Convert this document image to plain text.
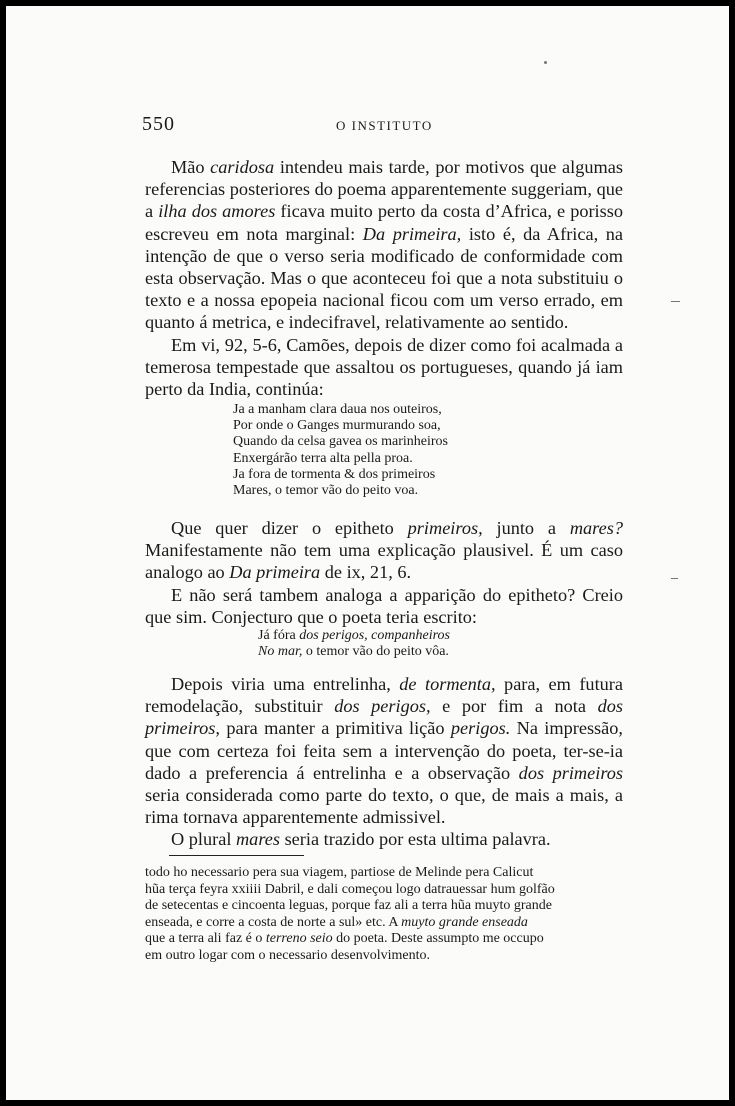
550	O INSTITUTO

Mão caridosa intendeu mais tarde, por motivos que algumas referencias posteriores do poema apparentemente suggeriam, que a ilha dos amores ficava muito perto da costa d’Africa, e porisso escreveu em nota marginal: Da primeira, isto é, da Africa, na intenção de que o verso seria modificado de conformidade com esta observação. Mas o que aconteceu foi que a nota substituiu o texto e a nossa epopeia nacional ficou com um verso errado, em quanto á metrica, e indecifravel, relativamente ao sentido.

Em vi, 92, 5-6, Camões, depois de dizer como foi acalmada a temerosa tempestade que assaltou os portugueses, quando já iam perto da India, continúa:

Ja a manham clara daua nos outeiros,
Por onde o Ganges murmurando soa,
Quando da celsa gavea os marinheiros
Enxergárão terra alta pella proa.
Ja fora de tormenta & dos primeiros
Mares, o temor vão do peito voa.

Que quer dizer o epitheto primeiros, junto a mares? Manifestamente não tem uma explicação plausivel. É um caso analogo ao Da primeira de ix, 21, 6.

E não será tambem analoga a apparição do epitheto? Creio que sim. Conjecturo que o poeta teria escrito:

Já fóra dos perigos, companheiros
No mar, o temor vão do peito vôa.

Depois viria uma entrelinha, de tormenta, para, em futura remodelação, substituir dos perigos, e por fim a nota dos primeiros, para manter a primitiva lição perigos. Na impressão, que com certeza foi feita sem a intervenção do poeta, ter-se-ia dado a preferencia á entrelinha e a observação dos primeiros seria considerada como parte do texto, o que, de mais a mais, a rima tornava apparentemente admissivel.

O plural mares seria trazido por esta ultima palavra.

todo ho necessario pera sua viagem, partiose de Melinde pera Calicut
hũa terça feyra xxiiii Dabril, e dali começou logo datrauessar hum golfão
de setecentas e cincoenta leguas, porque faz ali a terra hũa muyto grande
enseada, e corre a costa de norte a sul» etc. A muyto grande enseada
que a terra ali faz é o terreno seio do poeta. Deste assumpto me occupo
em outro logar com o necessario desenvolvimento.
